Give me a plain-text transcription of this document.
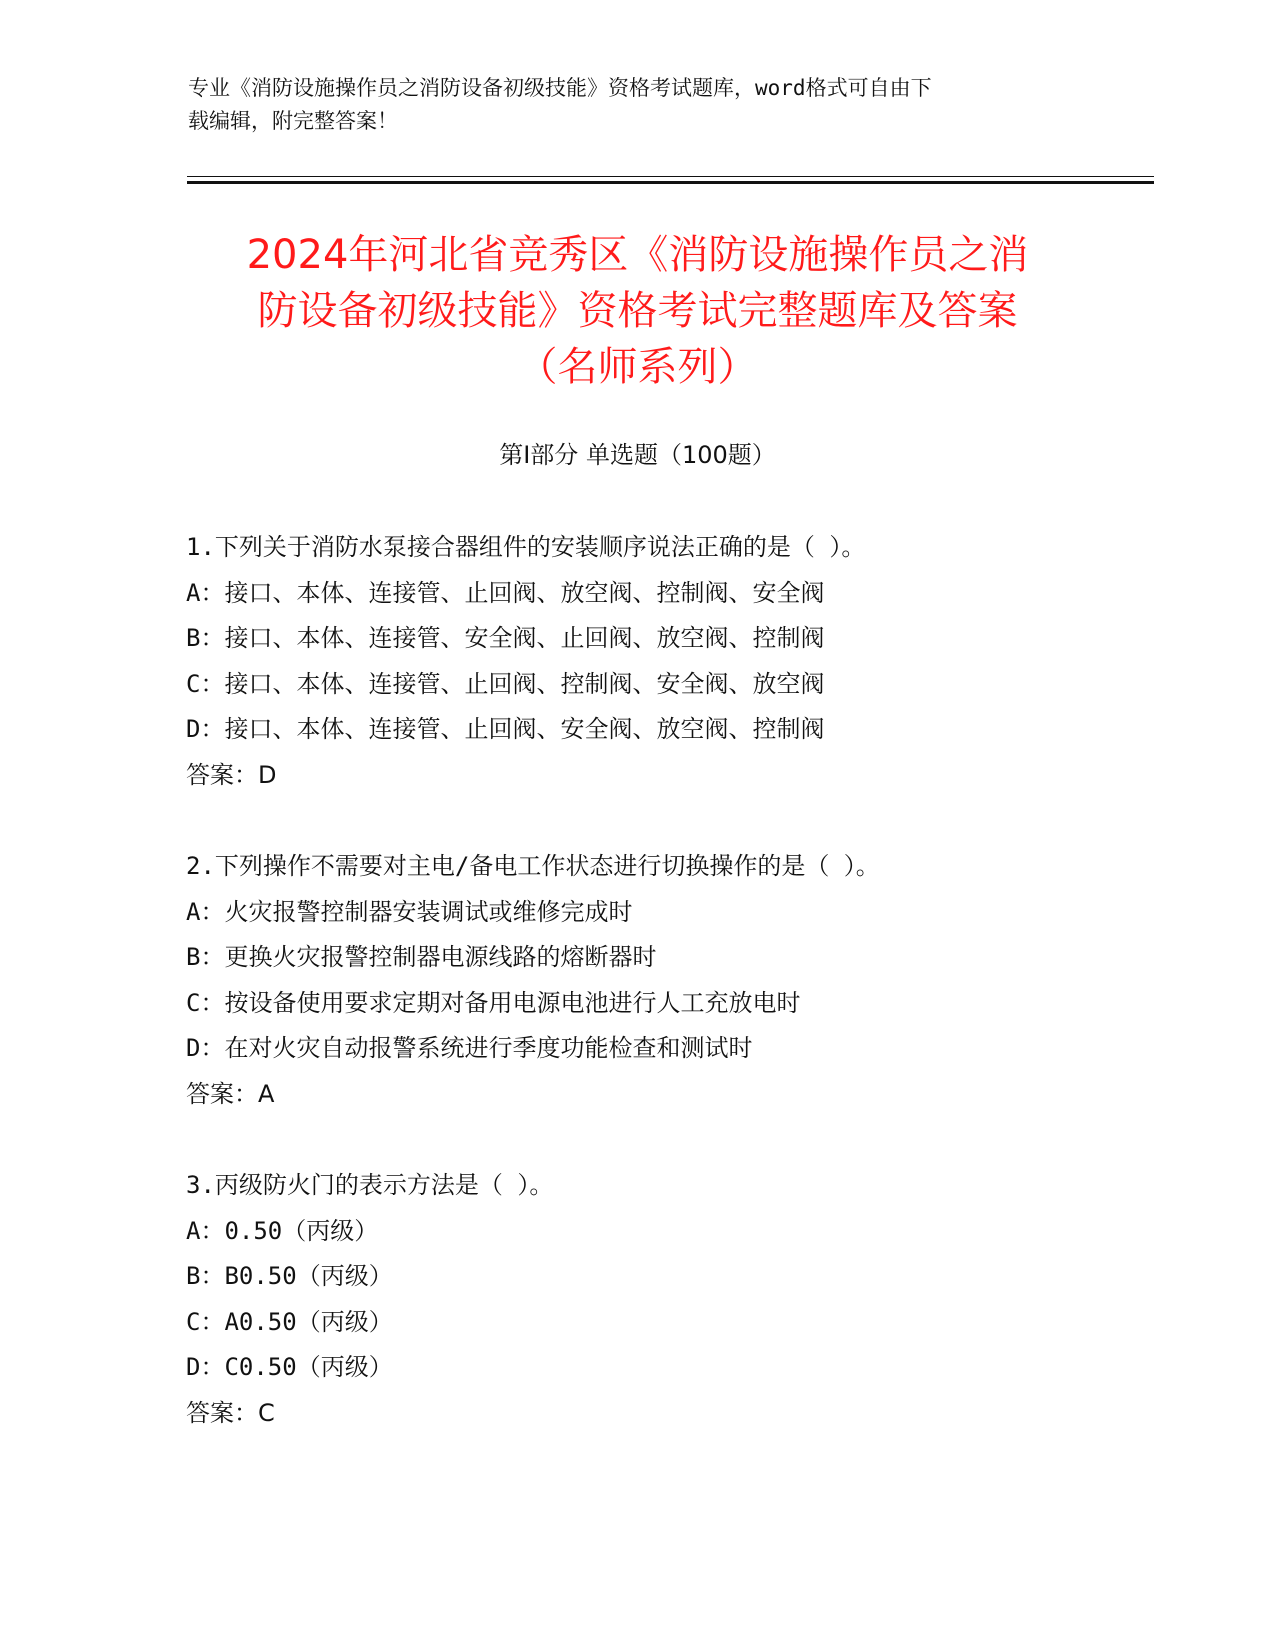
专业《消防设施操作员之消防设备初级技能》资格考试题库，word格式可自由下
载编辑，附完整答案！
2024年河北省竞秀区《消防设施操作员之消
防设备初级技能》资格考试完整题库及答案
（名师系列）
第I部分 单选题（100题）
1.下列关于消防水泵接合器组件的安装顺序说法正确的是（ ）。
A：接口、本体、连接管、止回阀、放空阀、控制阀、安全阀
B：接口、本体、连接管、安全阀、止回阀、放空阀、控制阀
C：接口、本体、连接管、止回阀、控制阀、安全阀、放空阀
D：接口、本体、连接管、止回阀、安全阀、放空阀、控制阀
答案：D
2.下列操作不需要对主电/备电工作状态进行切换操作的是（ ）。
A：火灾报警控制器安装调试或维修完成时
B：更换火灾报警控制器电源线路的熔断器时
C：按设备使用要求定期对备用电源电池进行人工充放电时
D：在对火灾自动报警系统进行季度功能检查和测试时
答案：A
3.丙级防火门的表示方法是（ ）。
A：0.50（丙级）
B：B0.50（丙级）
C：A0.50（丙级）
D：C0.50（丙级）
答案：C
